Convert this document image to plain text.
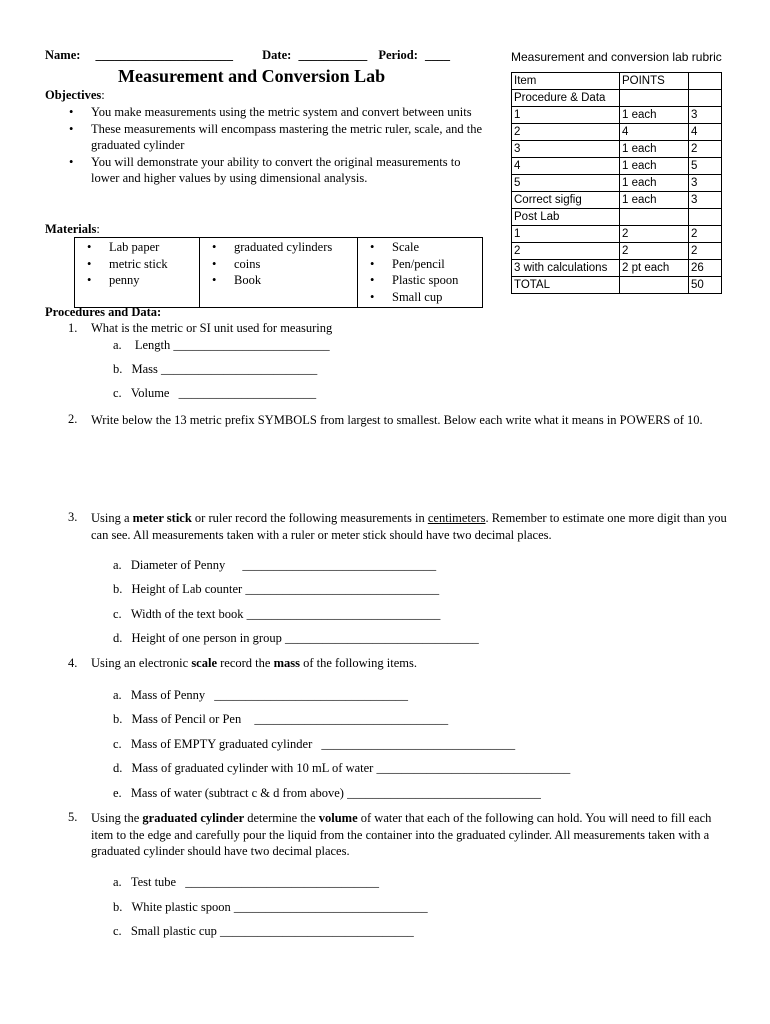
Name: ______________________ Date: ___________ Period: ____
Measurement and Conversion Lab
Measurement and conversion lab rubric
Item	POINTS	
Procedure & Data		
1	1 each	3
2	4	4
3	1 each	2
4	1 each	5
5	1 each	3
Correct sigfig	1 each	3
Post Lab		
1	2	2
2	2	2
3 with calculations	2 pt each	26
TOTAL		50
Objectives:
• You make measurements using the metric system and convert between units
• These measurements will encompass mastering the metric ruler, scale, and the graduated cylinder
• You will demonstrate your ability to convert the original measurements to lower and higher values by using dimensional analysis.
Materials:
• Lab paper
• metric stick
• penny

• graduated cylinders
• coins
• Book

• Scale
• Pen/pencil
• Plastic spoon
• Small cup
Procedures and Data:
1. What is the metric or SI unit used for measuring
a. Length _________________________
b. Mass _________________________
c. Volume ______________________
2. Write below the 13 metric prefix SYMBOLS from largest to smallest. Below each write what it means in POWERS of 10.
3. Using a meter stick or ruler record the following measurements in centimeters. Remember to estimate one more digit than you can see. All measurements taken with a ruler or meter stick should have two decimal places.
a. Diameter of Penny _______________________________
b. Height of Lab counter _______________________________
c. Width of the text book _______________________________
d. Height of one person in group _______________________________
4. Using an electronic scale record the mass of the following items.
a. Mass of Penny _______________________________
b. Mass of Pencil or Pen _______________________________
c. Mass of EMPTY graduated cylinder _______________________________
d. Mass of graduated cylinder with 10 mL of water _______________________________
e. Mass of water (subtract c & d from above) _______________________________
5. Using the graduated cylinder determine the volume of water that each of the following can hold. You will need to fill each item to the edge and carefully pour the liquid from the container into the graduated cylinder. All measurements taken with a graduated cylinder should have two decimal places.
a. Test tube _______________________________
b. White plastic spoon _______________________________
c. Small plastic cup _______________________________
